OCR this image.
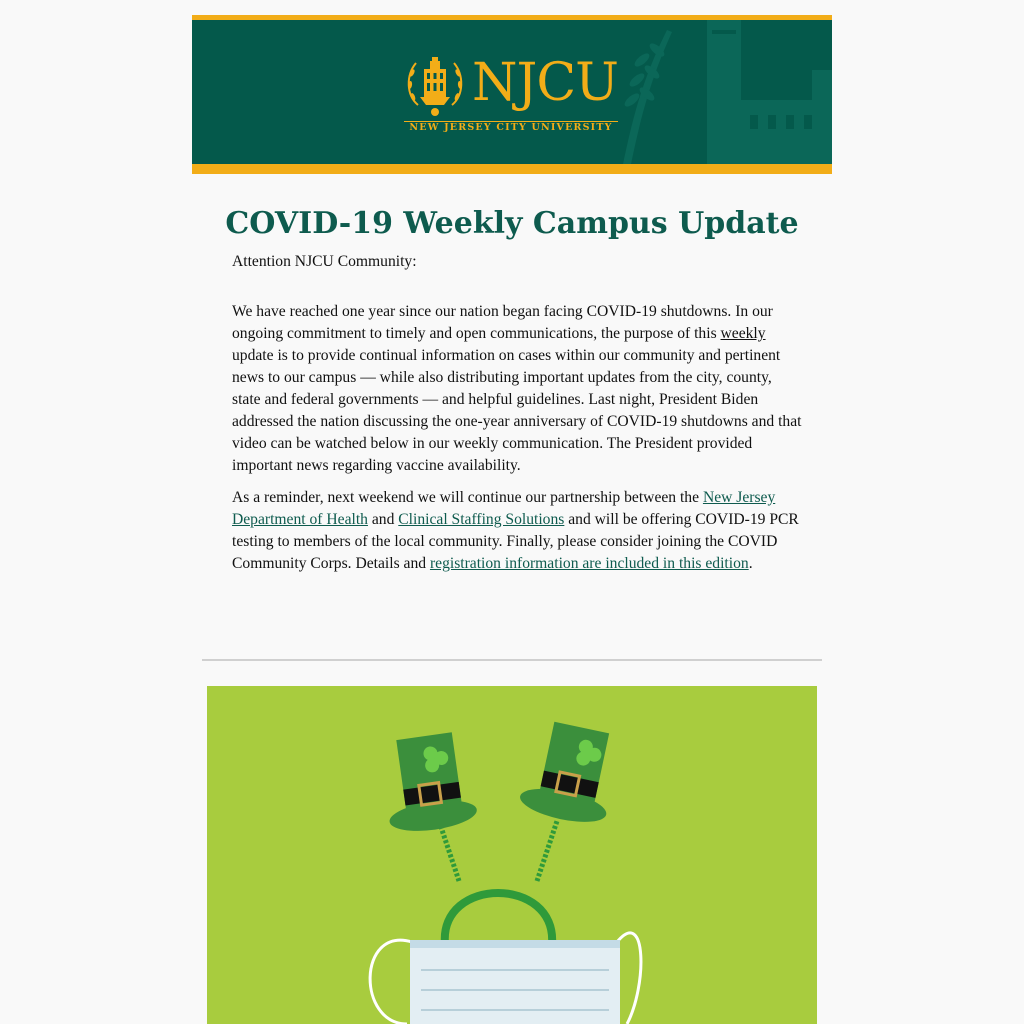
NJCU
NEW JERSEY CITY UNIVERSITY
COVID-19 Weekly Campus Update

Attention NJCU Community:

We have reached one year since our nation began facing COVID-19 shutdowns. In our ongoing commitment to timely and open communications, the purpose of this weekly update is to provide continual information on cases within our community and pertinent news to our campus — while also distributing important updates from the city, county, state and federal governments — and helpful guidelines. Last night, President Biden addressed the nation discussing the one-year anniversary of COVID-19 shutdowns and that video can be watched below in our weekly communication. The President provided important news regarding vaccine availability.

As a reminder, next weekend we will continue our partnership between the New Jersey Department of Health and Clinical Staffing Solutions and will be offering COVID-19 PCR testing to members of the local community. Finally, please consider joining the COVID Community Corps. Details and registration information are included in this edition.
